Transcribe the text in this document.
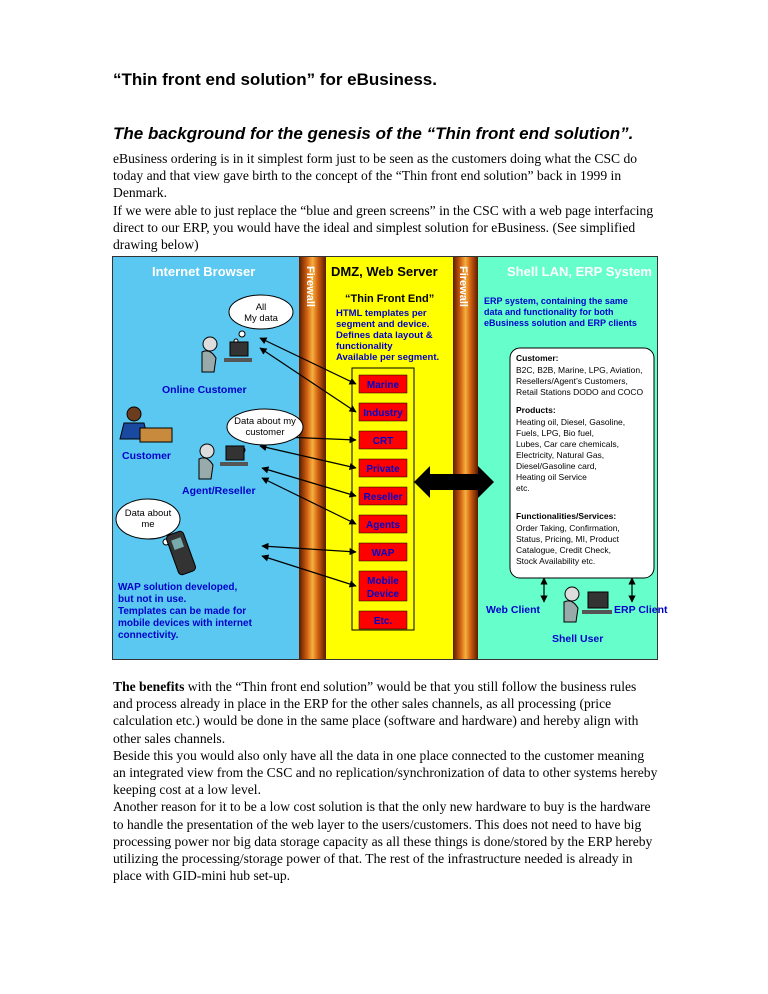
“Thin front end solution” for eBusiness.
The background for the genesis of the “Thin front end solution”.

eBusiness ordering is in it simplest form just to be seen as the customers doing what the CSC do today and that view gave birth to the concept of the “Thin front end solution” back in 1999 in Denmark.

If we were able to just replace the “blue and green screens” in the CSC with a web page interfacing direct to our ERP, you would have the ideal and simplest solution for eBusiness. (See simplified drawing below)

Internet Browser	Firewall DMZ, Web Server Firewall	Shell LAN, ERP System
“Thin Front End”
HTML templates per
segment and device.
Defines data layout &
functionality
Available per segment.
Marine
Industry
CRT
Private
Reseller
Agents
WAP
Mobile
Device
Etc.
All
My data
Data about my
customer
Data about
me
Online Customer
Customer
Agent/Reseller
WAP solution developed,
but not in use.
Templates can be made for
mobile devices with internet
connectivity.
ERP system, containing the same
data and functionality for both
eBusiness solution and ERP clients
Customer:
B2C, B2B, Marine, LPG, Aviation,
Resellers/Agent’s Customers,
Retail Stations DODO and COCO
Products:
Heating oil, Diesel, Gasoline,
Fuels, LPG, Bio fuel,
Lubes, Car care chemicals,
Electricity, Natural Gas,
Diesel/Gasoline card,
Heating oil Service
etc.
Functionalities/Services:
Order Taking, Confirmation,
Status, Pricing, MI, Product
Catalogue, Credit Check,
Stock Availability etc.
Web Client	ERP Client
Shell User

The benefits with the “Thin front end solution” would be that you still follow the business rules and process already in place in the ERP for the other sales channels, as all processing (price calculation etc.) would be done in the same place (software and hardware) and hereby align with other sales channels.

Beside this you would also only have all the data in one place connected to the customer meaning an integrated view from the CSC and no replication/synchronization of data to other systems hereby keeping cost at a low level.

Another reason for it to be a low cost solution is that the only new hardware to buy is the hardware to handle the presentation of the web layer to the users/customers. This does not need to have big processing power nor big data storage capacity as all these things is done/stored by the ERP hereby utilizing the processing/storage power of that. The rest of the infrastructure needed is already in place with GID-mini hub set-up.
